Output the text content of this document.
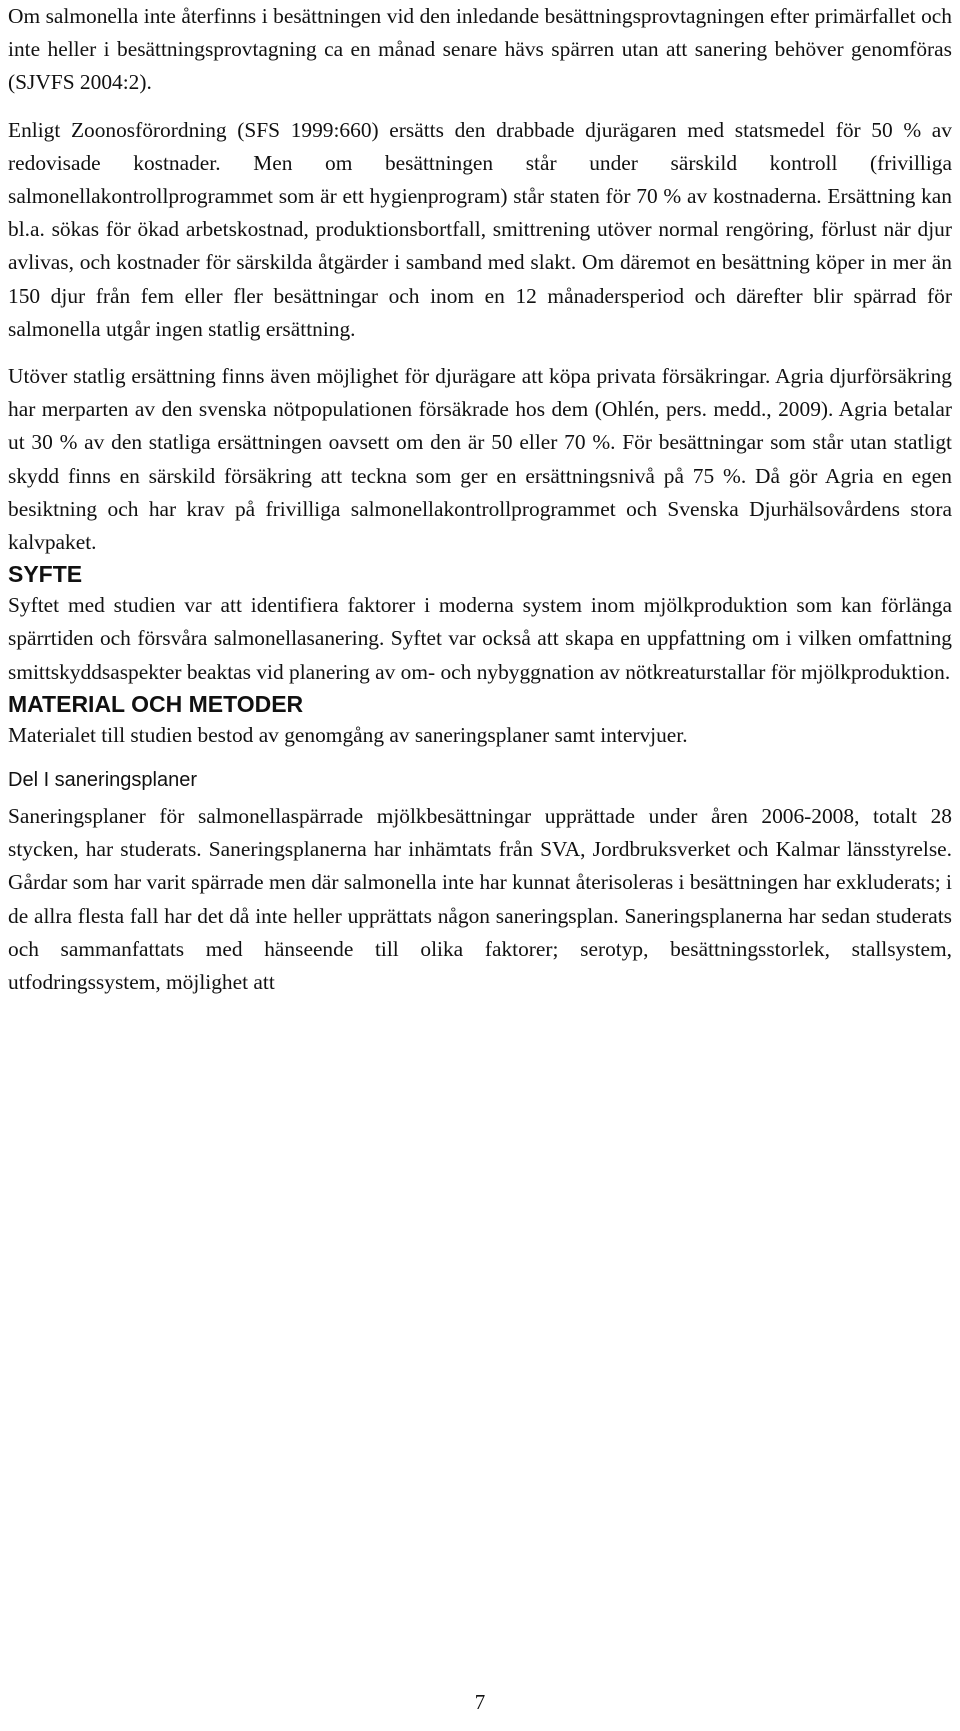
Om salmonella inte återfinns i besättningen vid den inledande besättningsprovtagningen efter primärfallet och inte heller i besättningsprovtagning ca en månad senare hävs spärren utan att sanering behöver genomföras (SJVFS 2004:2).

Enligt Zoonosförordning (SFS 1999:660) ersätts den drabbade djurägaren med statsmedel för 50 % av redovisade kostnader. Men om besättningen står under särskild kontroll (frivilliga salmonellakontrollprogrammet som är ett hygienprogram) står staten för 70 % av kostnaderna. Ersättning kan bl.a. sökas för ökad arbetskostnad, produktionsbortfall, smittrening utöver normal rengöring, förlust när djur avlivas, och kostnader för särskilda åtgärder i samband med slakt. Om däremot en besättning köper in mer än 150 djur från fem eller fler besättningar och inom en 12 månadersperiod och därefter blir spärrad för salmonella utgår ingen statlig ersättning.

Utöver statlig ersättning finns även möjlighet för djurägare att köpa privata försäkringar. Agria djurförsäkring har merparten av den svenska nötpopulationen försäkrade hos dem (Ohlén, pers. medd., 2009). Agria betalar ut 30 % av den statliga ersättningen oavsett om den är 50 eller 70 %. För besättningar som står utan statligt skydd finns en särskild försäkring att teckna som ger en ersättningsnivå på 75 %. Då gör Agria en egen besiktning och har krav på frivilliga salmonellakontrollprogrammet och Svenska Djurhälsovårdens stora kalvpaket.

SYFTE

Syftet med studien var att identifiera faktorer i moderna system inom mjölkproduktion som kan förlänga spärrtiden och försvåra salmonellasanering. Syftet var också att skapa en uppfattning om i vilken omfattning smittskyddsaspekter beaktas vid planering av om- och nybyggnation av nötkreaturstallar för mjölkproduktion.

MATERIAL OCH METODER

Materialet till studien bestod av genomgång av saneringsplaner samt intervjuer.

Del I saneringsplaner

Saneringsplaner för salmonellaspärrade mjölkbesättningar upprättade under åren 2006-2008, totalt 28 stycken, har studerats. Saneringsplanerna har inhämtats från SVA, Jordbruksverket och Kalmar länsstyrelse. Gårdar som har varit spärrade men där salmonella inte har kunnat återisoleras i besättningen har exkluderats; i de allra flesta fall har det då inte heller upprättats någon saneringsplan. Saneringsplanerna har sedan studerats och sammanfattats med hänseende till olika faktorer; serotyp, besättningsstorlek, stallsystem, utfodringssystem, möjlighet att

7
